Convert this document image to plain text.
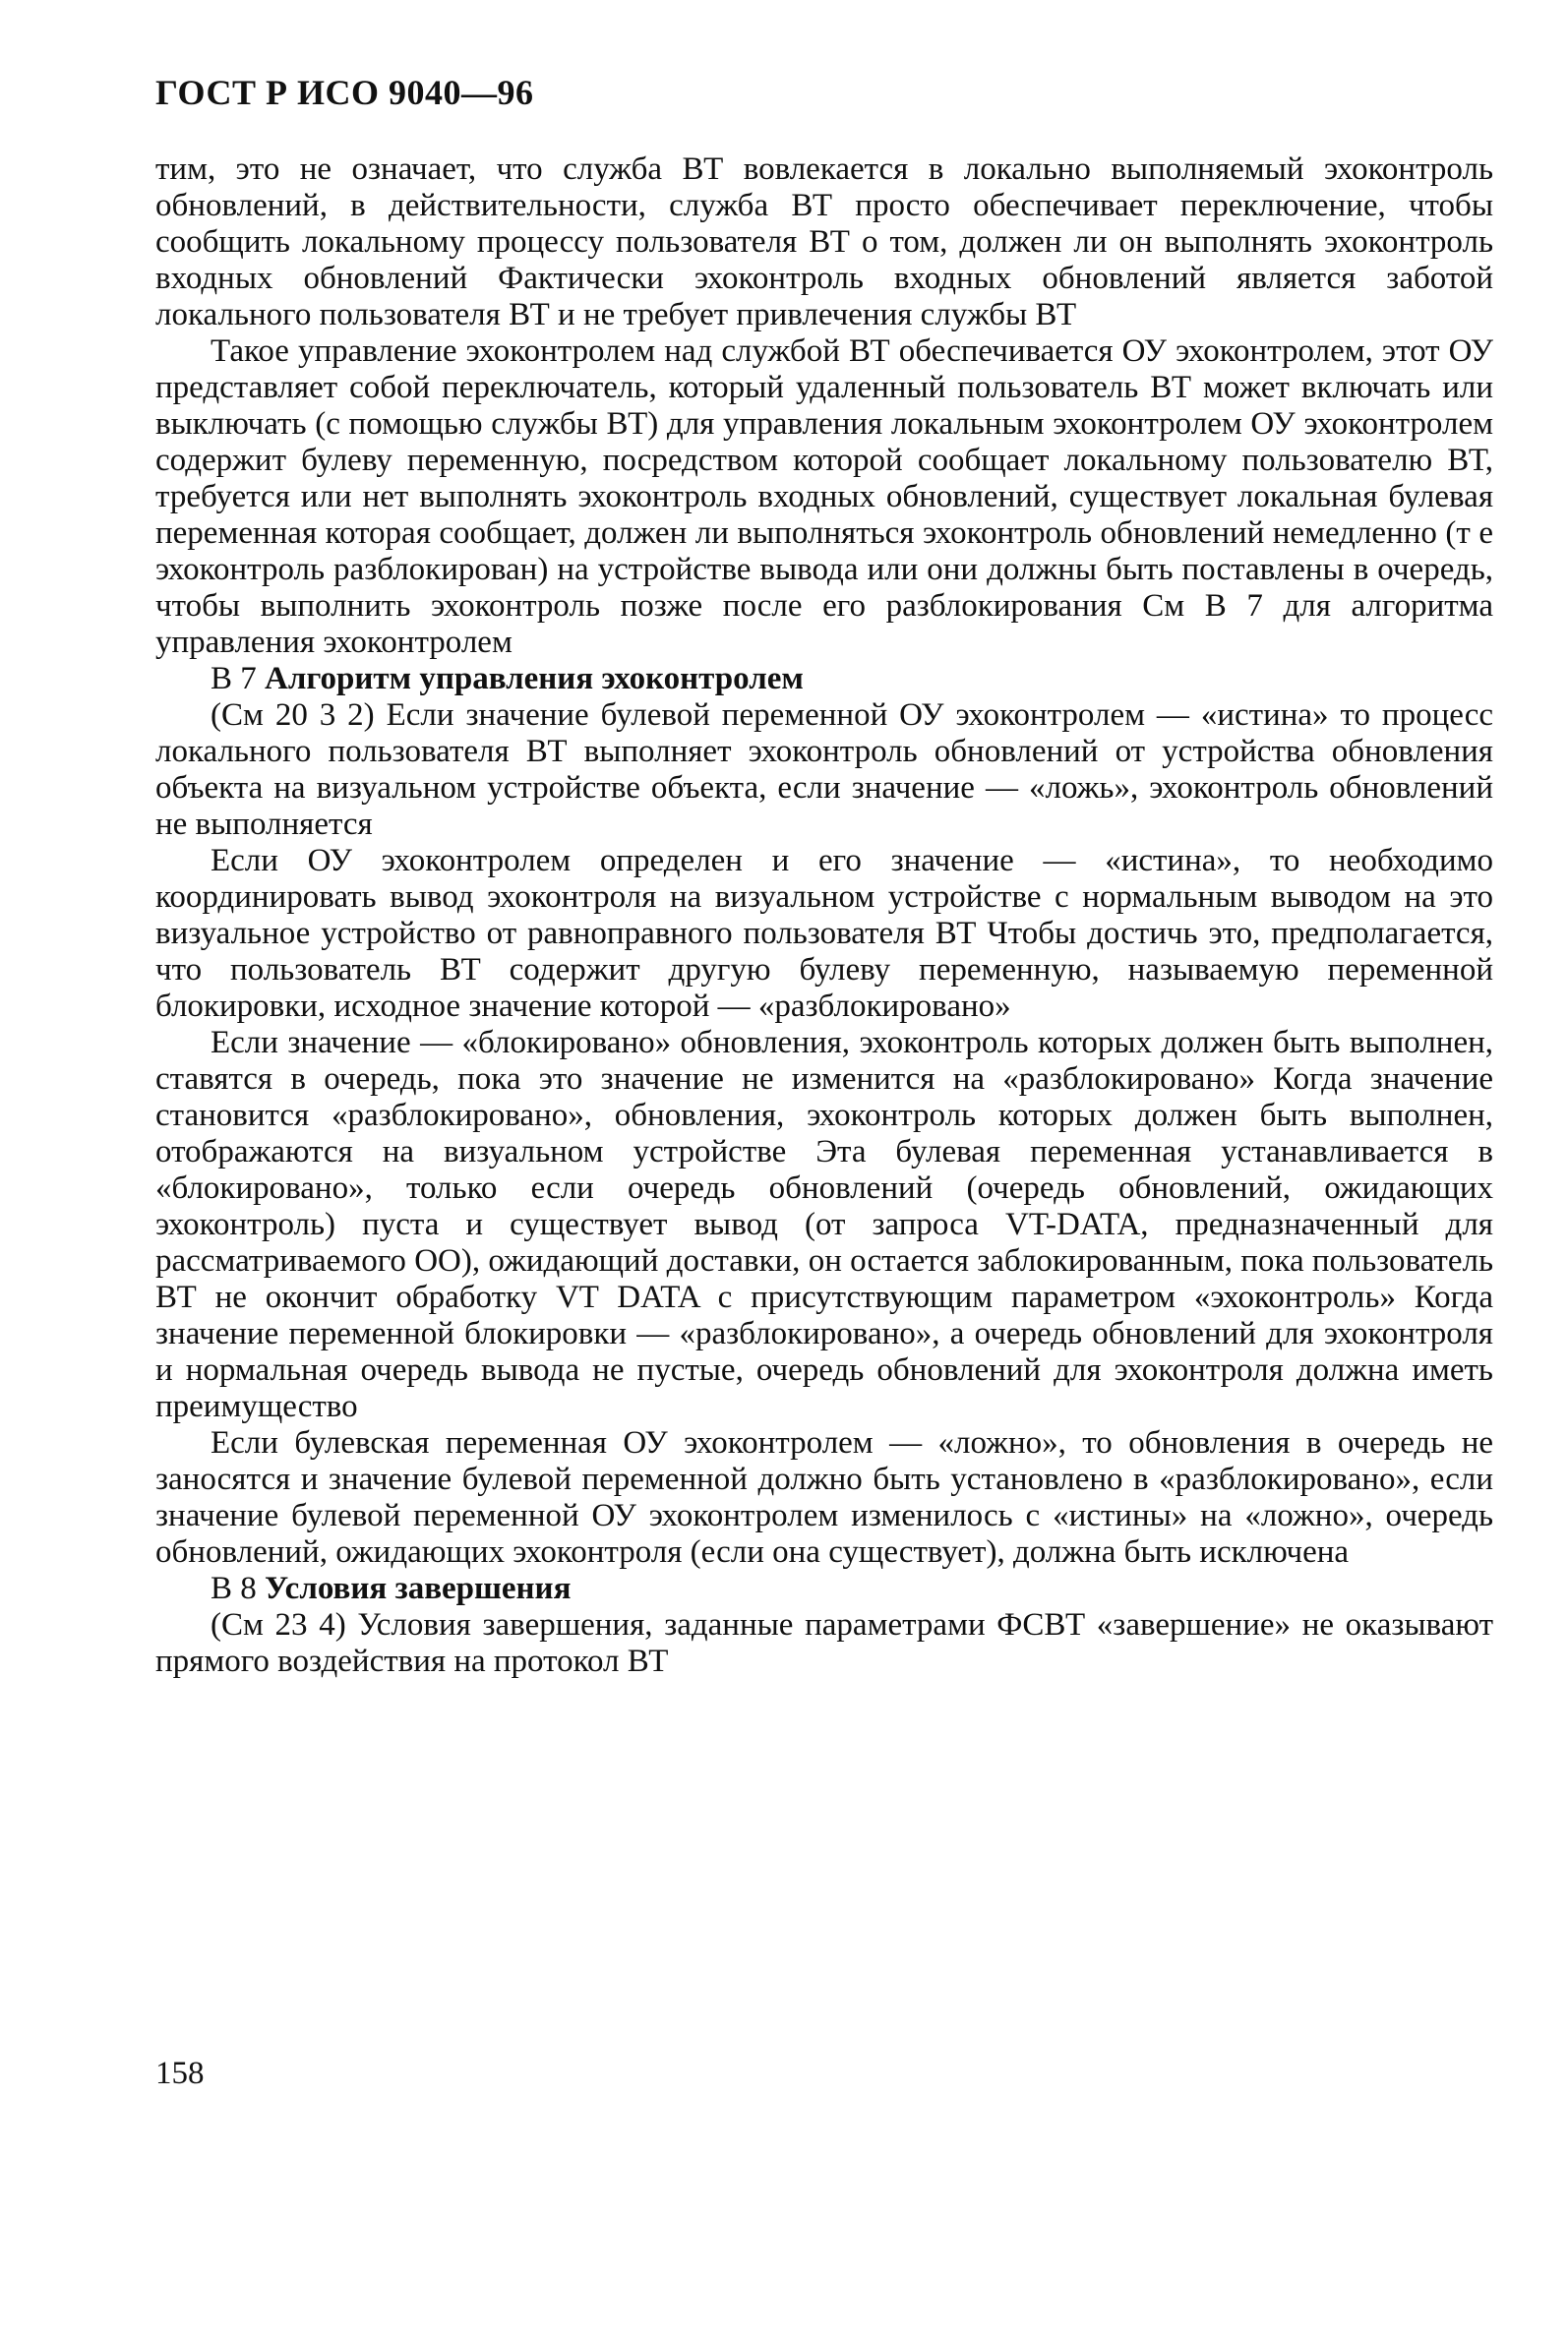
ГОСТ Р ИСО 9040—96

тим, это не означает, что служба ВТ вовлекается в локально выполняемый эхоконтроль обновлений, в действительности, служба ВТ просто обеспечивает переключение, чтобы сообщить локальному процессу пользователя ВТ о том, должен ли он выполнять эхоконтроль входных обновлений Фактически эхоконтроль входных обновлений является заботой локального пользователя ВТ и не требует привлечения службы ВТ

Такое управление эхоконтролем над службой ВТ обеспечивается ОУ эхоконтролем, этот ОУ представляет собой переключатель, который удаленный пользователь ВТ может включать или выключать (с помощью службы ВТ) для управления локальным эхоконтролем ОУ эхоконтролем содержит булеву переменную, посредством которой сообщает локальному пользователю ВТ, требуется или нет выполнять эхоконтроль входных обновлений, существует локальная булевая переменная которая сообщает, должен ли выполняться эхоконтроль обновлений немедленно (т е эхоконтроль разблокирован) на устройстве вывода или они должны быть поставлены в очередь, чтобы выполнить эхоконтроль позже после его разблокирования См В 7 для алгоритма управления эхоконтролем

В 7 Алгоритм управления эхоконтролем

(См 20 3 2) Если значение булевой переменной ОУ эхоконтролем — «истина» то процесс локального пользователя ВТ выполняет эхоконтроль обновлений от устройства обновления объекта на визуальном устройстве объекта, если значение — «ложь», эхоконтроль обновлений не выполняется

Если ОУ эхоконтролем определен и его значение — «истина», то необходимо координировать вывод эхоконтроля на визуальном устройстве с нормальным выводом на это визуальное устройство от равноправного пользователя ВТ Чтобы достичь это, предполагается, что пользователь ВТ содержит другую булеву переменную, называемую переменной блокировки, исходное значение которой — «разблокировано»

Если значение — «блокировано» обновления, эхоконтроль которых должен быть выполнен, ставятся в очередь, пока это значение не изменится на «разблокировано» Когда значение становится «разблокировано», обновления, эхоконтроль которых должен быть выполнен, отображаются на визуальном устройстве Эта булевая переменная устанавливается в «блокировано», только если очередь обновлений (очередь обновлений, ожидающих эхоконтроль) пуста и существует вывод (от запроса VT-DATA, предназначенный для рассматриваемого ОО), ожидающий доставки, он остается заблокированным, пока пользователь ВТ не окончит обработку VT DATA с присутствующим параметром «эхоконтроль» Когда значение переменной блокировки — «разблокировано», а очередь обновлений для эхоконтроля и нормальная очередь вывода не пустые, очередь обновлений для эхоконтроля должна иметь преимущество

Если булевская переменная ОУ эхоконтролем — «ложно», то обновления в очередь не заносятся и значение булевой переменной должно быть установлено в «разблокировано», если значение булевой переменной ОУ эхоконтролем изменилось с «истины» на «ложно», очередь обновлений, ожидающих эхоконтроля (если она существует), должна быть исключена

В 8 Условия завершения

(См 23 4) Условия завершения, заданные параметрами ФСВТ «завершение» не оказывают прямого воздействия на протокол ВТ

158
